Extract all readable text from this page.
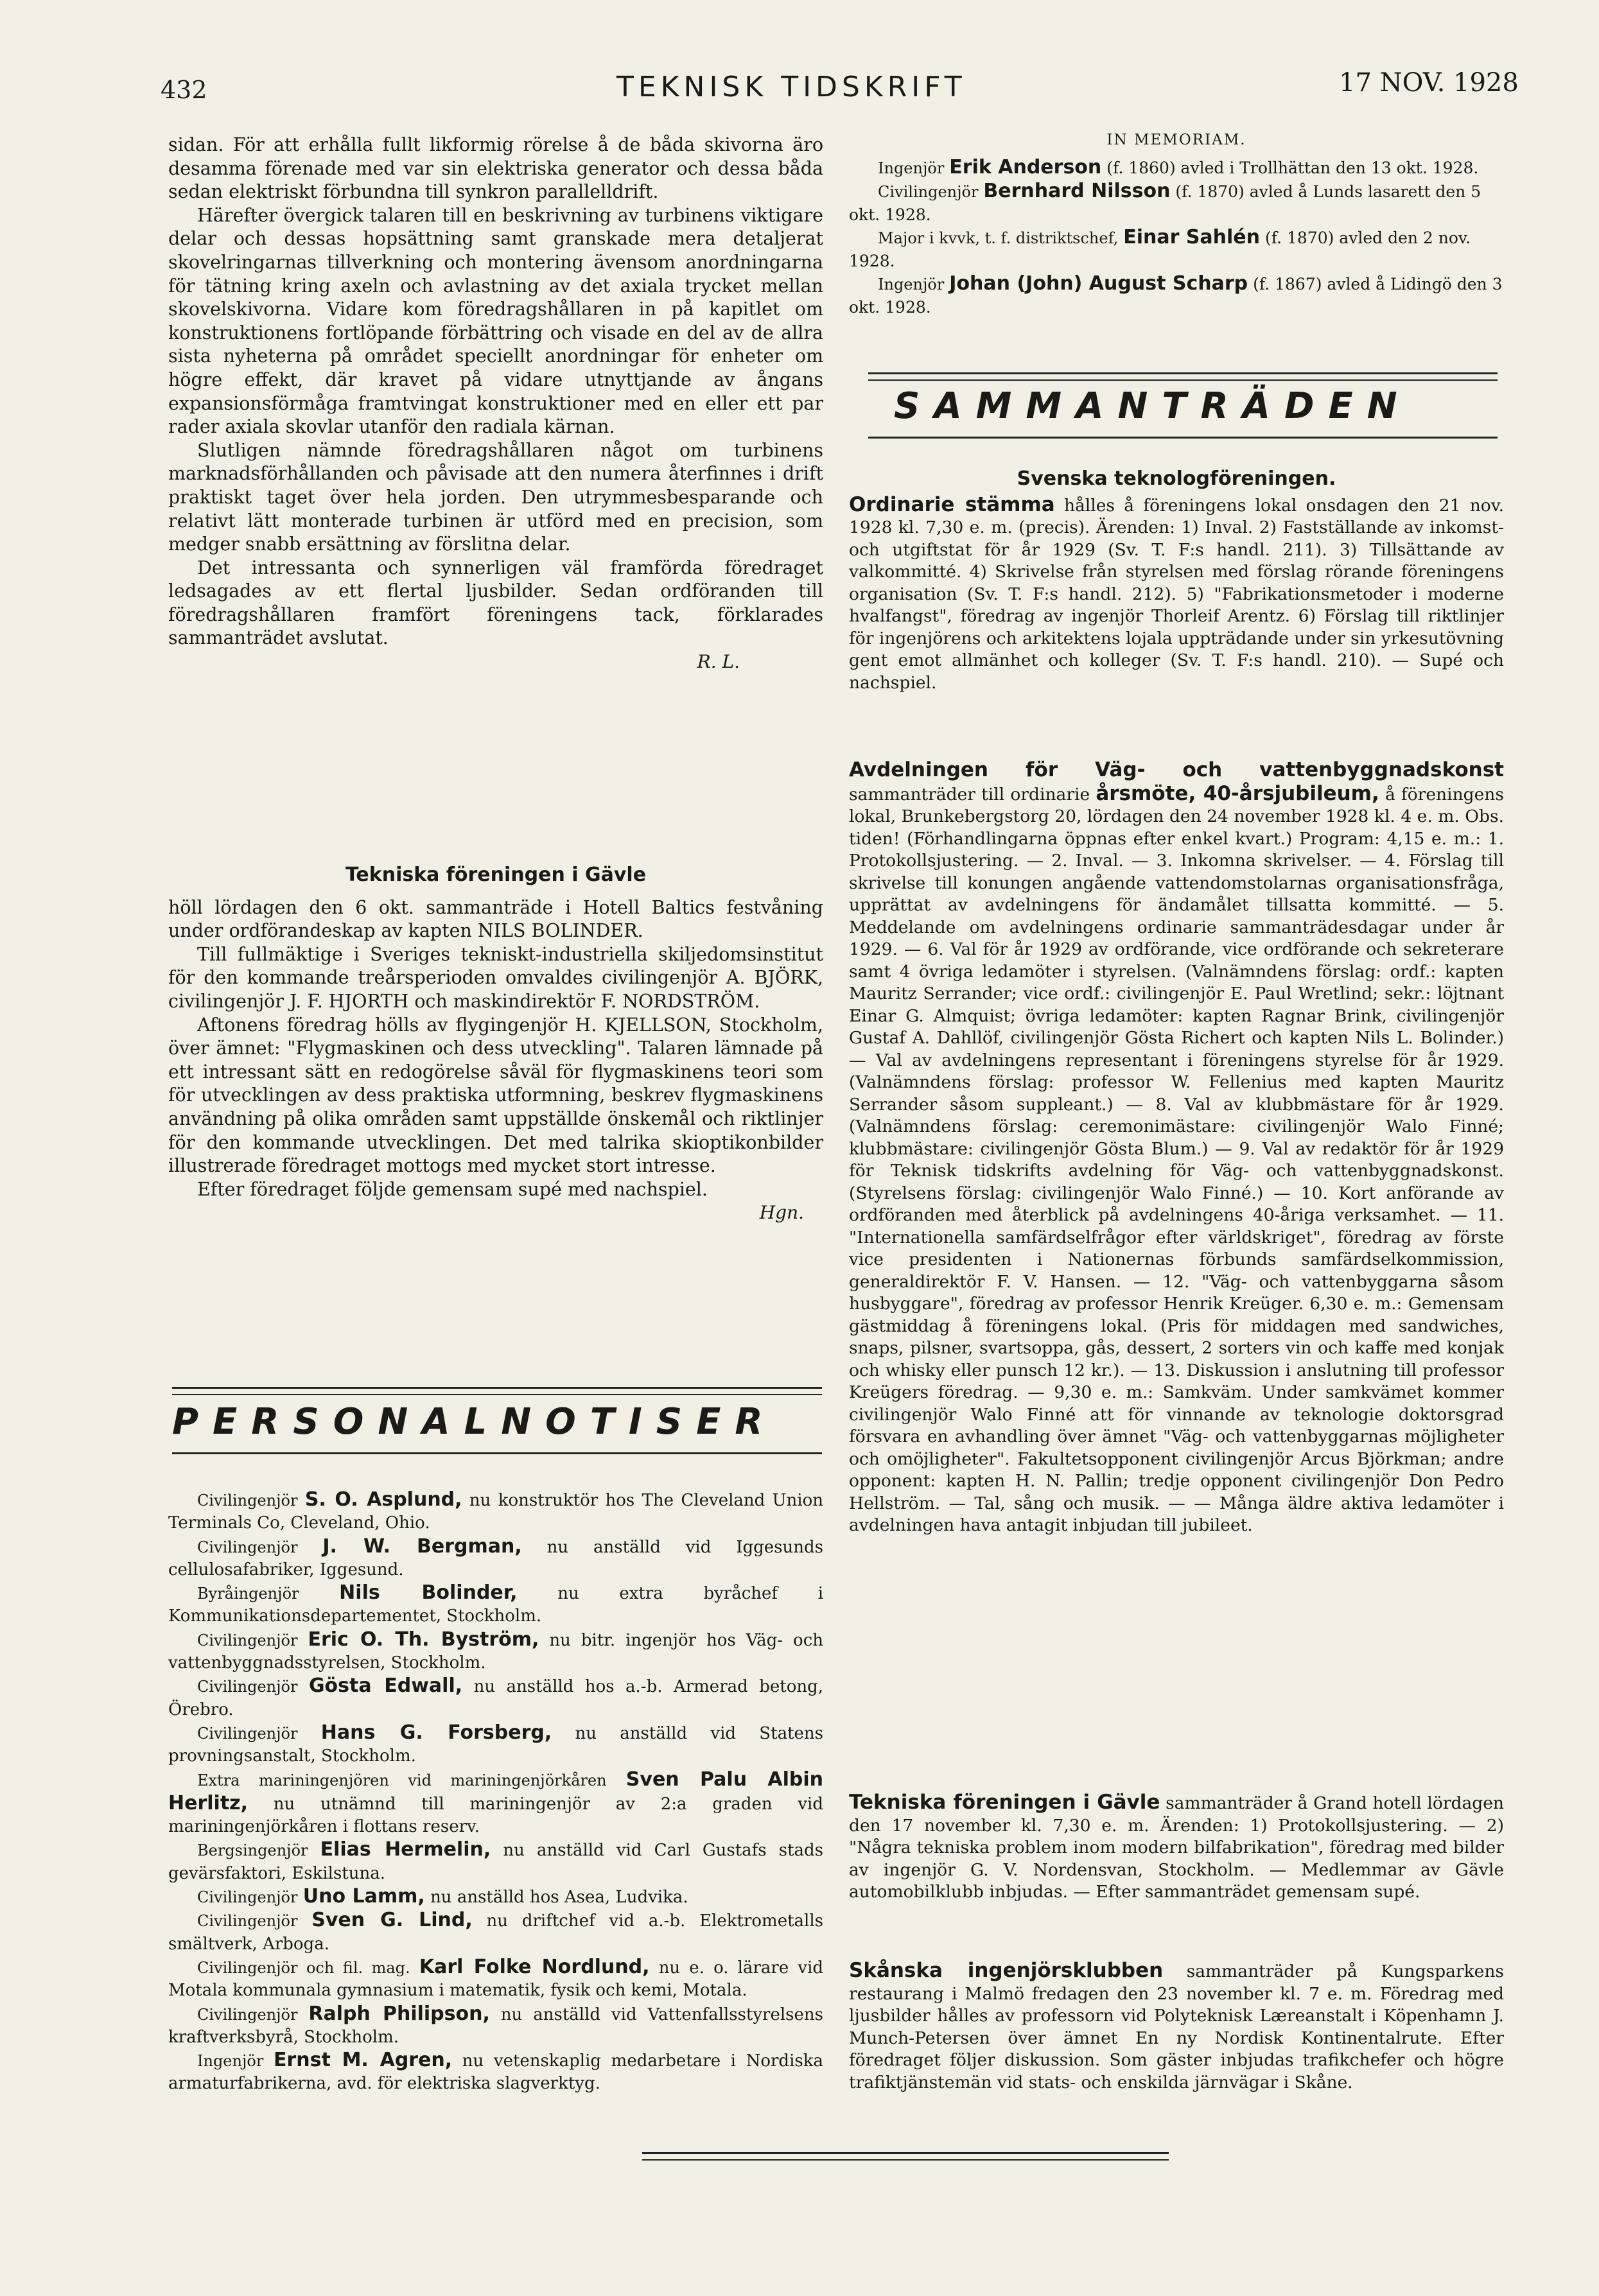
432	TEKNISK TIDSKRIFT	17 NOV. 1928

sidan. För att erhålla fullt likformig rörelse å de båda skivorna äro desamma förenade med var sin elektriska generator och dessa båda sedan elektriskt förbundna till synkron parallelldrift.

Härefter övergick talaren till en beskrivning av turbinens viktigare delar och dessas hopsättning samt granskade mera detaljerat skovelringarnas tillverkning och montering ävensom anordningarna för tätning kring axeln och avlastning av det axiala trycket mellan skovelskivorna. Vidare kom föredragshållaren in på kapitlet om konstruktionens fortlöpande förbättring och visade en del av de allra sista nyheterna på området speciellt anordningar för enheter om högre effekt, där kravet på vidare utnyttjande av ångans expansionsförmåga framtvingat konstruktioner med en eller ett par rader axiala skovlar utanför den radiala kärnan.

Slutligen nämnde föredragshållaren något om turbinens marknadsförhållanden och påvisade att den numera återfinnes i drift praktiskt taget över hela jorden. Den utrymmesbesparande och relativt lätt monterade turbinen är utförd med en precision, som medger snabb ersättning av förslitna delar.

Det intressanta och synnerligen väl framförda föredraget ledsagades av ett flertal ljusbilder. Sedan ordföranden till föredragshållaren framfört föreningens tack, förklarades sammanträdet avslutat.

R. L.

Tekniska föreningen i Gävle

höll lördagen den 6 okt. sammanträde i Hotell Baltics festvåning under ordförandeskap av kapten NILS BOLINDER.

Till fullmäktige i Sveriges tekniskt-industriella skiljedomsinstitut för den kommande treårsperioden omvaldes civilingenjör A. BJÖRK, civilingenjör J. F. HJORTH och maskindirektör F. NORDSTRÖM.

Aftonens föredrag hölls av flygingenjör H. KJELLSON, Stockholm, över ämnet: "Flygmaskinen och dess utveckling". Talaren lämnade på ett intressant sätt en redogörelse såväl för flygmaskinens teori som för utvecklingen av dess praktiska utformning, beskrev flygmaskinens användning på olika områden samt uppställde önskemål och riktlinjer för den kommande utvecklingen. Det med talrika skioptikonbilder illustrerade föredraget mottogs med mycket stort intresse.

Efter föredraget följde gemensam supé med nachspiel.

Hgn.

PERSONALNOTISER

Civilingenjör S. O. Asplund, nu konstruktör hos The Cleveland Union Terminals Co, Cleveland, Ohio.

Civilingenjör J. W. Bergman, nu anställd vid Iggesunds cellulosafabriker, Iggesund.

Byråingenjör Nils Bolinder, nu extra byråchef i Kommunikationsdepartementet, Stockholm.

Civilingenjör Eric O. Th. Byström, nu bitr. ingenjör hos Väg- och vattenbyggnadsstyrelsen, Stockholm.

Civilingenjör Gösta Edwall, nu anställd hos a.-b. Armerad betong, Örebro.

Civilingenjör Hans G. Forsberg, nu anställd vid Statens provningsanstalt, Stockholm.

Extra mariningenjören vid mariningenjörkåren Sven Palu Albin Herlitz, nu utnämnd till mariningenjör av 2:a graden vid mariningenjörkåren i flottans reserv.

Bergsingenjör Elias Hermelin, nu anställd vid Carl Gustafs stads gevärsfaktori, Eskilstuna.

Civilingenjör Uno Lamm, nu anställd hos Asea, Ludvika.

Civilingenjör Sven G. Lind, nu driftchef vid a.-b. Elektrometalls smältverk, Arboga.

Civilingenjör och fil. mag. Karl Folke Nordlund, nu e. o. lärare vid Motala kommunala gymnasium i matematik, fysik och kemi, Motala.

Civilingenjör Ralph Philipson, nu anställd vid Vattenfallsstyrelsens kraftverksbyrå, Stockholm.

Ingenjör Ernst M. Agren, nu vetenskaplig medarbetare i Nordiska armaturfabrikerna, avd. för elektriska slagverktyg.

IN MEMORIAM.

Ingenjör Erik Anderson (f. 1860) avled i Trollhättan den 13 okt. 1928.

Civilingenjör Bernhard Nilsson (f. 1870) avled å Lunds lasarett den 5 okt. 1928.

Major i kvvk, t. f. distriktschef, Einar Sahlén (f. 1870) avled den 2 nov. 1928.

Ingenjör Johan (John) August Scharp (f. 1867) avled å Lidingö den 3 okt. 1928.

SAMMANTRÄDEN

Svenska teknologföreningen.

Ordinarie stämma hålles å föreningens lokal onsdagen den 21 nov. 1928 kl. 7,30 e. m. (precis). Ärenden: 1) Inval. 2) Fastställande av inkomst- och utgiftstat för år 1929 (Sv. T. F:s handl. 211). 3) Tillsättande av valkommitté. 4) Skrivelse från styrelsen med förslag rörande föreningens organisation (Sv. T. F:s handl. 212). 5) "Fabrikationsmetoder i moderne hvalfangst", föredrag av ingenjör Thorleif Arentz. 6) Förslag till riktlinjer för ingenjörens och arkitektens lojala uppträdande under sin yrkesutövning gent emot allmänhet och kolleger (Sv. T. F:s handl. 210). — Supé och nachspiel.

Avdelningen för Väg- och vattenbyggnadskonst sammanträder till ordinarie årsmöte, 40-årsjubileum, å föreningens lokal, Brunkebergstorg 20, lördagen den 24 november 1928 kl. 4 e. m. Obs. tiden! (Förhandlingarna öppnas efter enkel kvart.) Program: 4,15 e. m.: 1. Protokollsjustering. — 2. Inval. — 3. Inkomna skrivelser. — 4. Förslag till skrivelse till konungen angående vattendomstolarnas organisationsfråga, upprättat av avdelningens för ändamålet tillsatta kommitté. — 5. Meddelande om avdelningens ordinarie sammanträdesdagar under år 1929. — 6. Val för år 1929 av ordförande, vice ordförande och sekreterare samt 4 övriga ledamöter i styrelsen. (Valnämndens förslag: ordf.: kapten Mauritz Serrander; vice ordf.: civilingenjör E. Paul Wretlind; sekr.: löjtnant Einar G. Almquist; övriga ledamöter: kapten Ragnar Brink, civilingenjör Gustaf A. Dahllöf, civilingenjör Gösta Richert och kapten Nils L. Bolinder.) — Val av avdelningens representant i föreningens styrelse för år 1929. (Valnämndens förslag: professor W. Fellenius med kapten Mauritz Serrander såsom suppleant.) — 8. Val av klubbmästare för år 1929. (Valnämndens förslag: ceremonimästare: civilingenjör Walo Finné; klubbmästare: civilingenjör Gösta Blum.) — 9. Val av redaktör för år 1929 för Teknisk tidskrifts avdelning för Väg- och vattenbyggnadskonst. (Styrelsens förslag: civilingenjör Walo Finné.) — 10. Kort anförande av ordföranden med återblick på avdelningens 40-åriga verksamhet. — 11. "Internationella samfärdselfrågor efter världskriget", föredrag av förste vice presidenten i Nationernas förbunds samfärdselkommission, generaldirektör F. V. Hansen. — 12. "Väg- och vattenbyggarna såsom husbyggare", föredrag av professor Henrik Kreüger. 6,30 e. m.: Gemensam gästmiddag å föreningens lokal. (Pris för middagen med sandwiches, snaps, pilsner, svartsoppa, gås, dessert, 2 sorters vin och kaffe med konjak och whisky eller punsch 12 kr.). — 13. Diskussion i anslutning till professor Kreügers föredrag. — 9,30 e. m.: Samkväm. Under samkvämet kommer civilingenjör Walo Finné att för vinnande av teknologie doktorsgrad försvara en avhandling över ämnet "Väg- och vattenbyggarnas möjligheter och omöjligheter". Fakultetsopponent civilingenjör Arcus Björkman; andre opponent: kapten H. N. Pallin; tredje opponent civilingenjör Don Pedro Hellström. — Tal, sång och musik. — — Många äldre aktiva ledamöter i avdelningen hava antagit inbjudan till jubileet.

Tekniska föreningen i Gävle sammanträder å Grand hotell lördagen den 17 november kl. 7,30 e. m. Ärenden: 1) Protokollsjustering. — 2) "Några tekniska problem inom modern bilfabrikation", föredrag med bilder av ingenjör G. V. Nordensvan, Stockholm. — Medlemmar av Gävle automobilklubb inbjudas. — Efter sammanträdet gemensam supé.

Skånska ingenjörsklubben sammanträder på Kungsparkens restaurang i Malmö fredagen den 23 november kl. 7 e. m. Föredrag med ljusbilder hålles av professorn vid Polyteknisk Læreanstalt i Köpenhamn J. Munch-Petersen över ämnet En ny Nordisk Kontinentalrute. Efter föredraget följer diskussion. Som gäster inbjudas trafikchefer och högre trafiktjänstemän vid stats- och enskilda järnvägar i Skåne.
